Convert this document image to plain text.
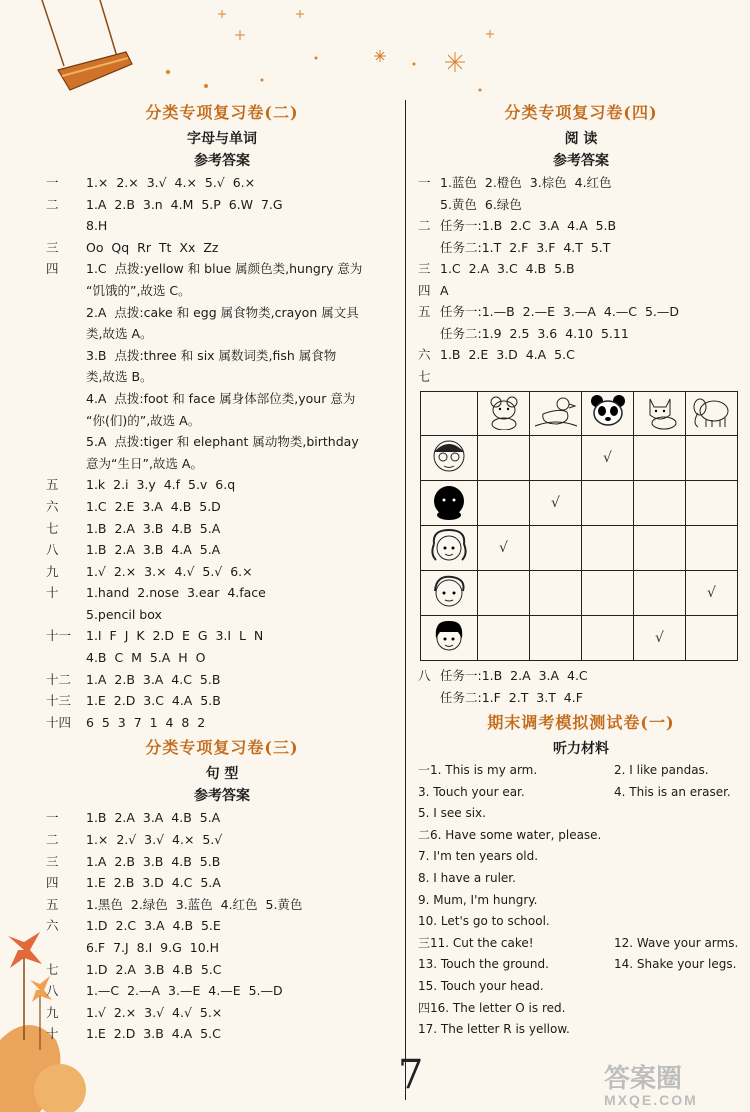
分类专项复习卷(二)
字母与单词
参考答案
一 1.×  2.×  3.√  4.×  5.√  6.×
二 1.A  2.B  3.n  4.M  5.P  6.W  7.G
8.H
三 Oo  Qq  Rr  Tt  Xx  Zz
四 1.C  点拨:yellow 和 blue 属颜色类,hungry 意为
“饥饿的”,故选 C。
2.A  点拨:cake 和 egg 属食物类,crayon 属文具
类,故选 A。
3.B  点拨:three 和 six 属数词类,fish 属食物
类,故选 B。
4.A  点拨:foot 和 face 属身体部位类,your 意为
“你(们)的”,故选 A。
5.A  点拨:tiger 和 elephant 属动物类,birthday
意为“生日”,故选 A。
五 1.k  2.i  3.y  4.f  5.v  6.q
六 1.C  2.E  3.A  4.B  5.D
七 1.B  2.A  3.B  4.B  5.A
八 1.B  2.A  3.B  4.A  5.A
九 1.√  2.×  3.×  4.√  5.√  6.×
十 1.hand  2.nose  3.ear  4.face
5.pencil box
十一 1.I  F  J  K  2.D  E  G  3.I  L  N
4.B  C  M  5.A  H  O
十二 1.A  2.B  3.A  4.C  5.B
十三 1.E  2.D  3.C  4.A  5.B
十四 6  5  3  7  1  4  8  2
分类专项复习卷(三)
句 型
参考答案
一 1.B  2.A  3.A  4.B  5.A
二 1.×  2.√  3.√  4.×  5.√
三 1.A  2.B  3.B  4.B  5.B
四 1.E  2.B  3.D  4.C  5.A
五 1.黑色  2.绿色  3.蓝色  4.红色  5.黄色
六 1.D  2.C  3.A  4.B  5.E
6.F  7.J  8.I  9.G  10.H
七 1.D  2.A  3.B  4.B  5.C
八 1.—C  2.—A  3.—E  4.—E  5.—D
九 1.√  2.×  3.√  4.√  5.×
十 1.E  2.D  3.B  4.A  5.C
分类专项复习卷(四)
阅 读
参考答案
一 1.蓝色  2.橙色  3.棕色  4.红色
5.黄色  6.绿色
二 任务一:1.B  2.C  3.A  4.A  5.B
任务二:1.T  2.F  3.F  4.T  5.T
三 1.C  2.A  3.C  4.B  5.B
四 A
五 任务一:1.—B  2.—E  3.—A  4.—C  5.—D
任务二:1.9  2.5  3.6  4.10  5.11
六 1.B  2.E  3.D  4.A  5.C
七

			√		
		√			
	√				
					√
				√	
八 任务一:1.B  2.A  3.A  4.C
任务二:1.F  2.T  3.T  4.F
期末调考模拟测试卷(一)
听力材料
一1. This is my arm.	2. I like pandas.
3. Touch your ear.	4. This is an eraser.
5. I see six.
二6. Have some water, please.
7. I'm ten years old.
8. I have a ruler.
9. Mum, I'm hungry.
10. Let's go to school.
三11. Cut the cake!	12. Wave your arms.
13. Touch the ground.	14. Shake your legs.
15. Touch your head.
四16. The letter O is red.
17. The letter R is yellow.
7	答案圈
MXQE.COM
